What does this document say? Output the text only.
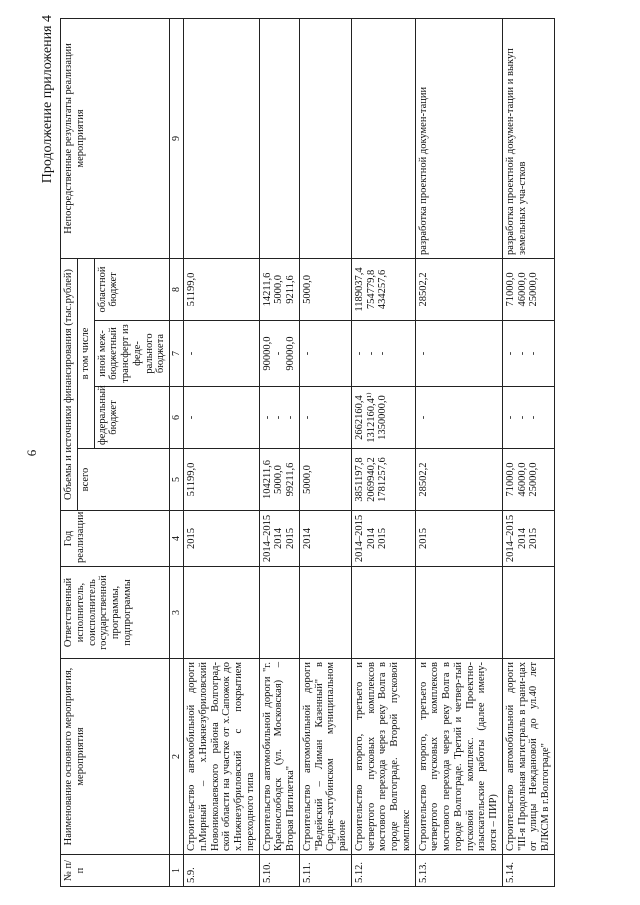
6
Продолжение приложения 4
№ п/п	Наименование основного мероприятия, мероприятия	Ответственный исполнитель, соисполнитель государственной программы, подпрограммы	Год реализации	Объемы и источники финансирования (тыс.рублей)				Непосредственные результаты реализации мероприятия
				всего	в том числе			
					федеральный бюджет	иной меж-бюджетный трансферт из феде-рального бюджета	областной бюджет	
1	2	3	4	5	6	7	8	9
5.9.	Строительство автомобильной дороги п.Мирный – х.Нижнезубриловский Новониколаевского района Волгоград-ской области на участке от х.Сапожок до х.Нижнезубриловский с покрытием переходного типа		2015	51199,0	-	-	51199,0	

5.10.	Строительство автомобильной дороги "г. Краснослободск (ул. Московская) – Вторая Пятилетка"		2014–2015 2014 2015	104211,6 5000,0 99211,6	- - -	90000,0 - 90000,0	14211,6 5000,0 9211,6	

5.11.	Строительство автомобильной дороги "Ведейский – Лиман Казенный" в Средне-ахтубинском муниципальном районе		2014	5000,0	-	-	5000,0	

5.12.	Строительство второго, третьего и четвертого пусковых комплексов мостового перехода через реку Волга в городе Волгограде. Второй пусковой комплекс		2014–2015 2014 2015	3851197,8 2069940,2 1781257,6	2662160,4 1312160,4¹⁾ 1350000,0	- - -	1189037,4 754779,8 434257,6	

5.13.	Строительство второго, третьего и четвертого пусковых комплексов мостового перехода через реку Волга в городе Волгограде. Третий и четвер-тый пусковой комплекс. Проектно-изыскательские работы (далее имену-ются – ПИР)		2015	28502,2	-	-	28502,2	разработка проектной докумен-тации
5.14.	Строительство автомобильной дороги "III-я Продольная магистраль в грани-цах от улицы Неждановой до ул.40 лет ВЛКСМ в г.Волгограде"		2014–2015 2014 2015	71000,0 46000,0 25000,0	- - -	- - -	71000,0 46000,0 25000,0	разработка проектной докумен-тации и выкуп земельных уча-стков
